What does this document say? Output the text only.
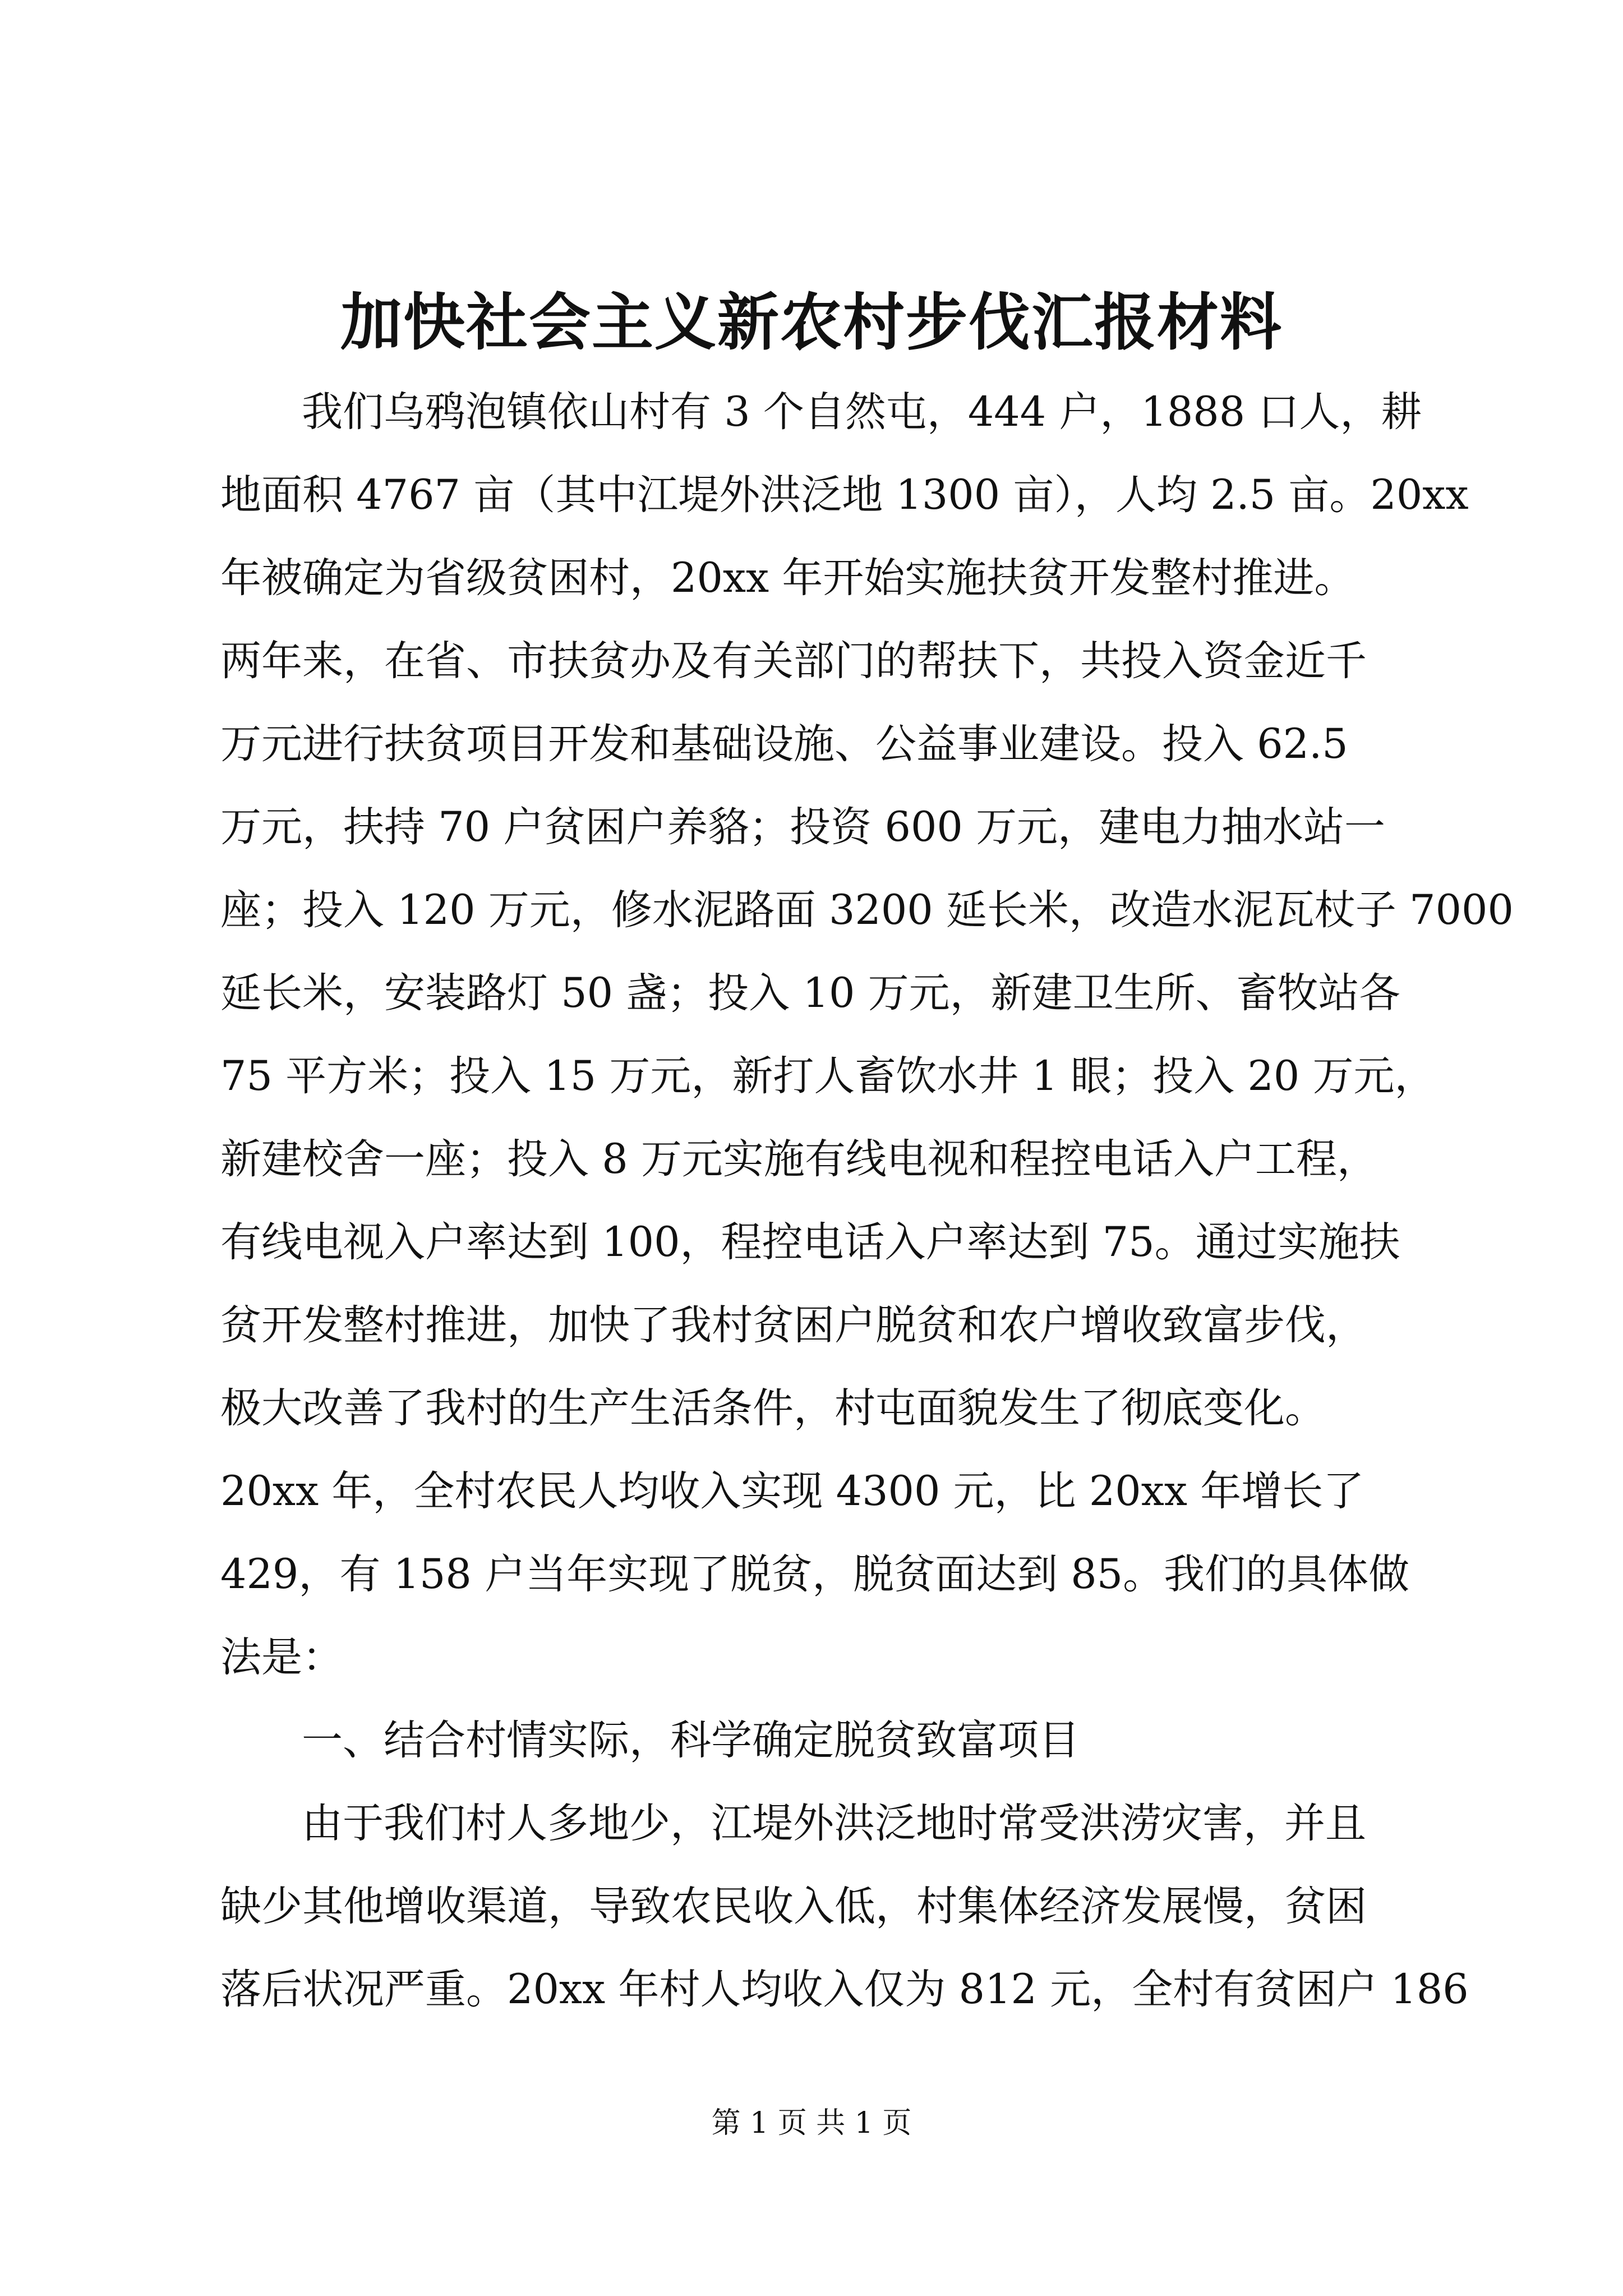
加快社会主义新农村步伐汇报材料
我们乌鸦泡镇依山村有 3 个自然屯，444 户，1888 口人，耕
地面积 4767 亩（其中江堤外洪泛地 1300 亩），人均 2.5 亩。20xx
年被确定为省级贫困村，20xx 年开始实施扶贫开发整村推进。
两年来，在省、市扶贫办及有关部门的帮扶下，共投入资金近千
万元进行扶贫项目开发和基础设施、公益事业建设。投入 62.5
万元，扶持 70 户贫困户养貉；投资 600 万元，建电力抽水站一
座；投入 120 万元，修水泥路面 3200 延长米，改造水泥瓦杖子 7000
延长米，安装路灯 50 盏；投入 10 万元，新建卫生所、畜牧站各
75 平方米；投入 15 万元，新打人畜饮水井 1 眼；投入 20 万元，
新建校舍一座；投入 8 万元实施有线电视和程控电话入户工程，
有线电视入户率达到 100，程控电话入户率达到 75。通过实施扶
贫开发整村推进，加快了我村贫困户脱贫和农户增收致富步伐，
极大改善了我村的生产生活条件，村屯面貌发生了彻底变化。
20xx 年，全村农民人均收入实现 4300 元，比 20xx 年增长了
429，有 158 户当年实现了脱贫，脱贫面达到 85。我们的具体做
法是：
一、结合村情实际，科学确定脱贫致富项目
由于我们村人多地少，江堤外洪泛地时常受洪涝灾害，并且
缺少其他增收渠道，导致农民收入低，村集体经济发展慢，贫困
落后状况严重。20xx 年村人均收入仅为 812 元，全村有贫困户 186
第 1 页 共 1 页
